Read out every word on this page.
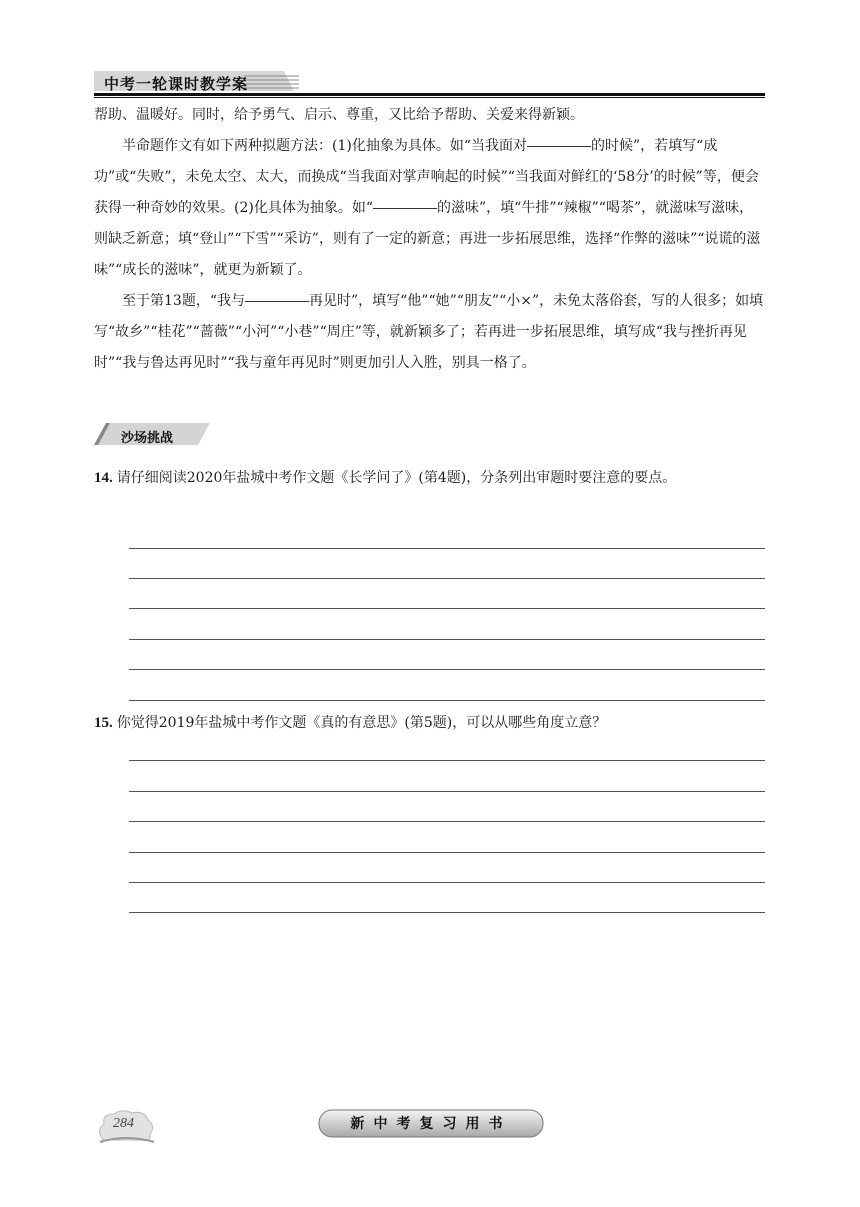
中考一轮课时教学案

帮助、温暖好。同时，给予勇气、启示、尊重，又比给予帮助、关爱来得新颖。

半命题作文有如下两种拟题方法：(1)化抽象为具体。如“当我面对	的时候”，若填写“成功”或“失败”，未免太空、太大，而换成“当我面对掌声响起的时候”“当我面对鲜红的‘58分’的时候”等，便会获得一种奇妙的效果。(2)化具体为抽象。如“	的滋味”，填“牛排”“辣椒”“喝茶”，就滋味写滋味，则缺乏新意；填“登山”“下雪”“采访”，则有了一定的新意；再进一步拓展思维，选择“作弊的滋味”“说谎的滋味”“成长的滋味”，就更为新颖了。

至于第13题，“我与	再见时”，填写“他”“她”“朋友”“小×”，未免太落俗套，写的人很多；如填写“故乡”“桂花”“蔷薇”“小河”“小巷”“周庄”等，就新颖多了；若再进一步拓展思维，填写成“我与挫折再见时”“我与鲁达再见时”“我与童年再见时”则更加引人入胜，别具一格了。

沙场挑战

14. 请仔细阅读2020年盐城中考作文题《长学问了》(第4题)，分条列出审题时要注意的要点。

15. 你觉得2019年盐城中考作文题《真的有意思》(第5题)，可以从哪些角度立意？

284	新中考复习用书
